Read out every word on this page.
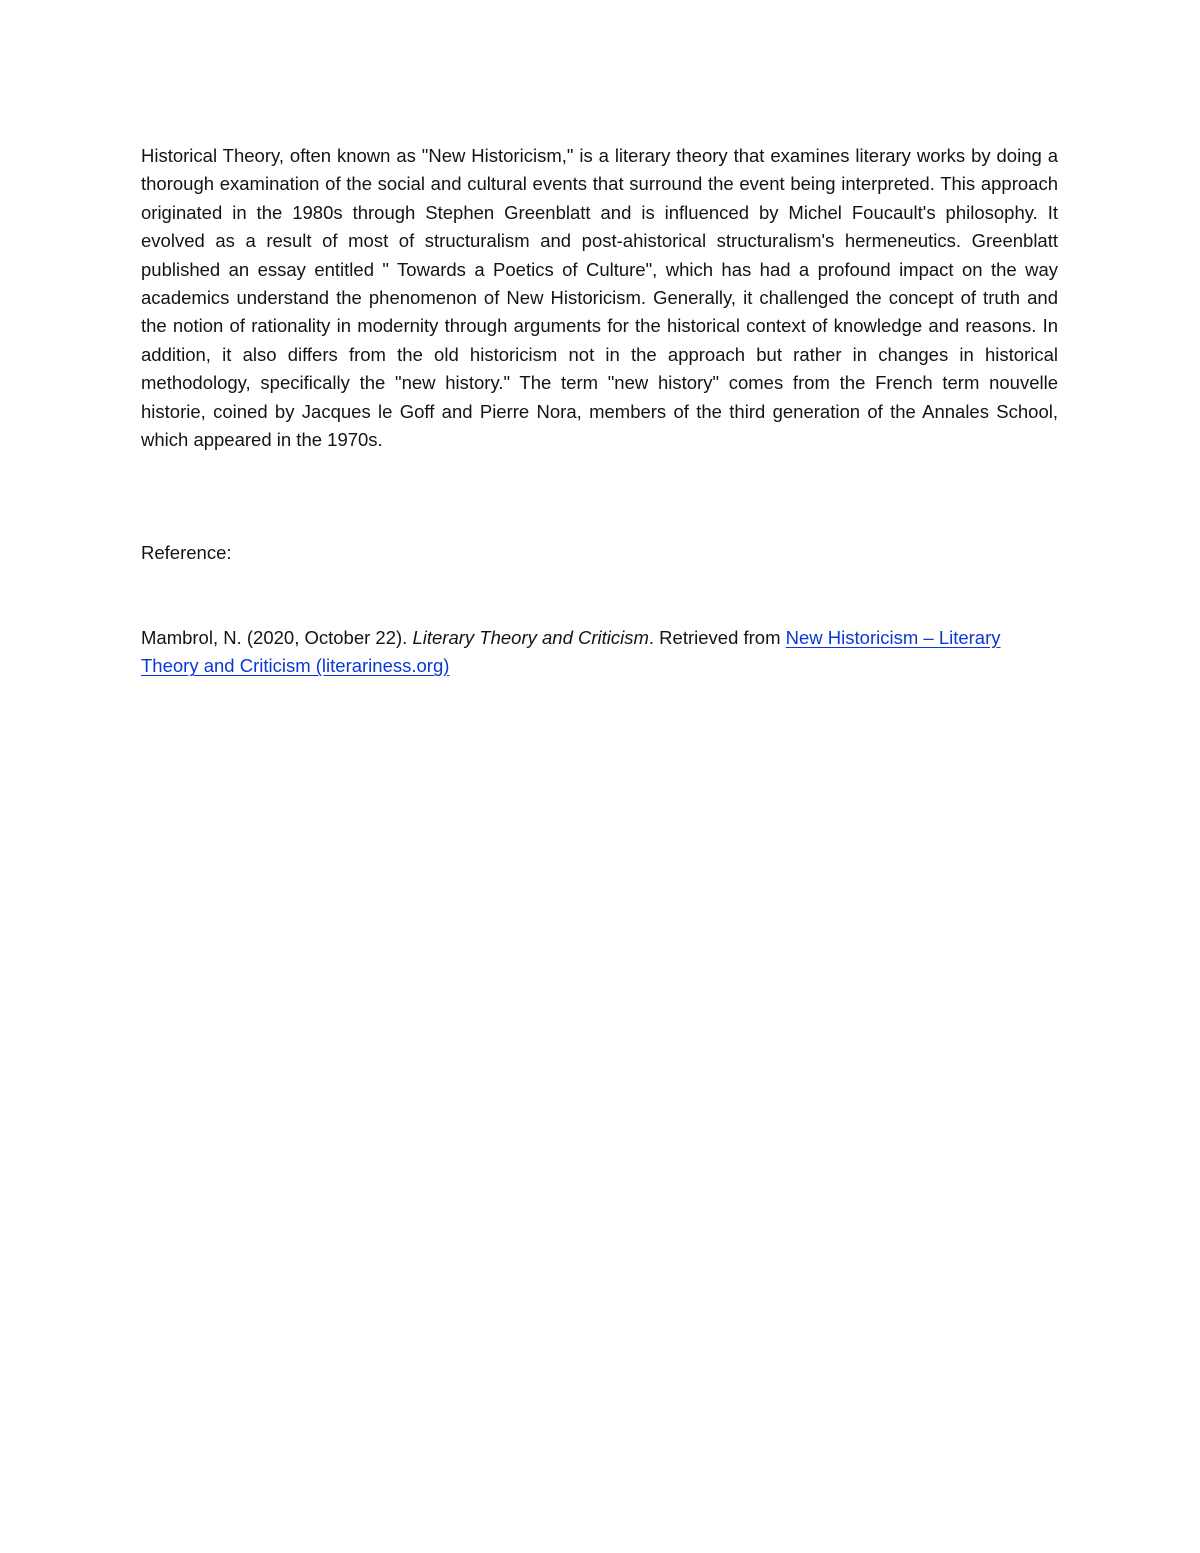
Historical Theory, often known as "New Historicism," is a literary theory that examines literary works by doing a thorough examination of the social and cultural events that surround the event being interpreted. This approach originated in the 1980s through Stephen Greenblatt and is influenced by Michel Foucault's philosophy. It evolved as a result of most of structuralism and post-ahistorical structuralism's hermeneutics. Greenblatt published an essay entitled " Towards a Poetics of Culture", which has had a profound impact on the way academics understand the phenomenon of New Historicism. Generally, it challenged the concept of truth and the notion of rationality in modernity through arguments for the historical context of knowledge and reasons. In addition, it also differs from the old historicism not in the approach but rather in changes in historical methodology, specifically the "new history." The term "new history" comes from the French term nouvelle historie, coined by Jacques le Goff and Pierre Nora, members of the third generation of the Annales School, which appeared in the 1970s.

Reference:

Mambrol, N. (2020, October 22). Literary Theory and Criticism. Retrieved from New Historicism – Literary Theory and Criticism (literariness.org)
